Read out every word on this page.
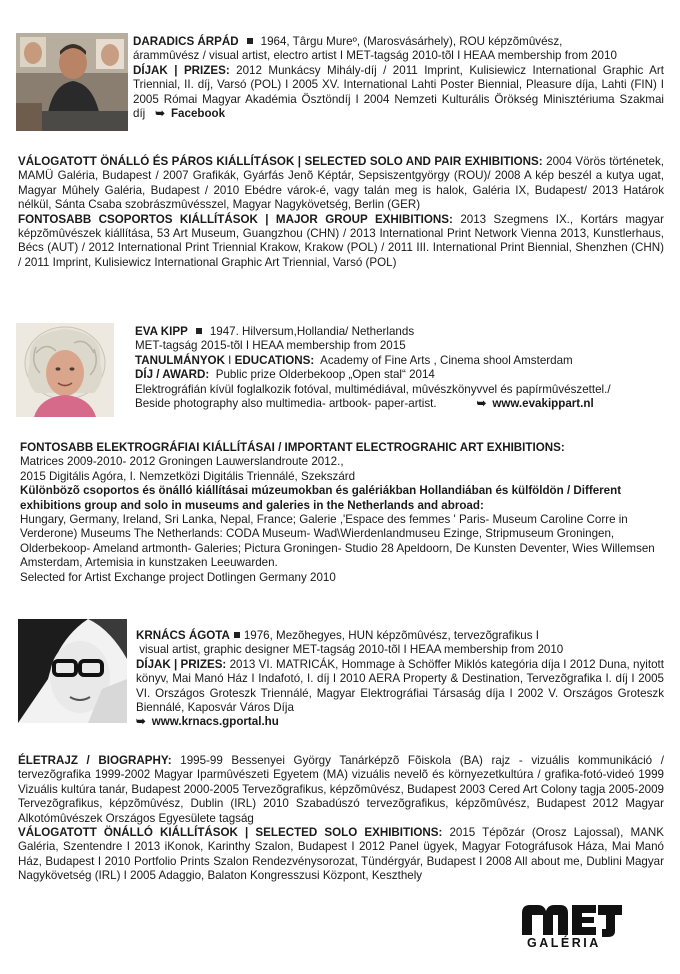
DARADICS ÁRPÁD 1964, Târgu Mureº, (Marosvásárhely), ROU képzõmûvész,
árammûvész / visual artist, electro artist I MET-tagság 2010-tõl I HEAA membership from 2010
DÍJAK | PRIZES: 2012 Munkácsy Mihály-díj / 2011 Imprint, Kulisiewicz International Graphic Art Triennial, II. díj, Varsó (POL) I 2005 XV. International Lahti Poster Biennial, Pleasure díja, Lahti (FIN) I 2005 Római Magyar Akadémia Ösztöndíj I 2004 Nemzeti Kulturális Örökség Minisztériuma Szakmai díj ➥ Facebook

VÁLOGATOTT ÖNÁLLÓ ÉS PÁROS KIÁLLÍTÁSOK | SELECTED SOLO AND PAIR EXHIBITIONS: 2004 Vörös történetek, MAMÜ Galéria, Budapest / 2007 Grafikák, Gyárfás Jenõ Képtár, Sepsiszentgyörgy (ROU)/ 2008 A kép beszél a kutya ugat, Magyar Mûhely Galéria, Budapest / 2010 Ebédre várok-é, vagy talán meg is halok, Galéria IX, Budapest/ 2013 Határok nélkül, Sánta Csaba szobrászmûvésszel, Magyar Nagykövetség, Berlin (GER)
FONTOSABB CSOPORTOS KIÁLLÍTÁSOK | MAJOR GROUP EXHIBITIONS: 2013 Szegmens IX., Kortárs magyar képzõmûvészek kiállítása, 53 Art Museum, Guangzhou (CHN) / 2013 International Print Network Vienna 2013, Kunstlerhaus, Bécs (AUT) / 2012 International Print Triennial Krakow, Krakow (POL) / 2011 III. International Print Biennial, Shenzhen (CHN) / 2011 Imprint, Kulisiewicz International Graphic Art Triennial, Varsó (POL)

EVA KIPP 1947. Hilversum,Hollandia/ Netherlands
MET-tagság 2015-tõl I HEAA membership from 2015
TANULMÁNYOK I EDUCATIONS: Academy of Fine Arts , Cinema shool Amsterdam
DÍJ / AWARD: Public prize Olderbekoop „Open stal“ 2014
Elektrográfián kívül foglalkozik fotóval, multimédiával, mûvészkönyvvel és papírmûvészettel./
Beside photography also multimedia- artbook- paper-artist.	➥ www.evakippart.nl

FONTOSABB ELEKTROGRÁFIAI KIÁLLÍTÁSAI / IMPORTANT ELECTROGRAHIC ART EXHIBITIONS:
Matrices 2009-2010- 2012 Groningen Lauwerslandroute 2012.,
2015 Digitális Agóra, I. Nemzetközi Digitális Triennálé, Szekszárd
Különbözõ csoportos és önálló kiállításai múzeumokban és galériákban Hollandiában és külföldön / Different exhibitions group and solo in museums and galeries in the Netherlands and abroad:
Hungary, Germany, Ireland, Sri Lanka, Nepal, France; Galerie ,'Espace des femmes ' Paris- Museum Caroline Corre in Verderone) Museums The Netherlands: CODA Museum- Wad\Wierdenlandmuseu Ezinge, Stripmuseum Groningen, Olderbekoop- Ameland artmonth- Galeries; Pictura Groningen- Studio 28 Apeldoorn, De Kunsten Deventer, Wies Willemsen Amsterdam, Artemisia in kunstzaken Leeuwarden.
Selected for Artist Exchange project Dotlingen Germany 2010

KRNÁCS ÁGOTA 1976, Mezõhegyes, HUN képzõmûvész, tervezõgrafikus I
visual artist, graphic designer MET-tagság 2010-tõl I HEAA membership from 2010
DÍJAK | PRIZES: 2013 VI. MATRICÁK, Hommage à Schöffer Miklós kategória díja I 2012 Duna, nyitott könyv, Mai Manó Ház I Indafotó, I. díj I 2010 AERA Property & Destination, Tervezõgrafika I. díj I 2005 VI. Országos Groteszk Triennálé, Magyar Elektrográfiai Társaság díja I 2002 V. Országos Groteszk Biennálé, Kaposvár Város Díja
➥ www.krnacs.gportal.hu

ÉLETRAJZ / BIOGRAPHY: 1995-99 Bessenyei György Tanárképzõ Fõiskola (BA) rajz - vizuális kommunikáció / tervezõgrafika 1999-2002 Magyar Iparmûvészeti Egyetem (MA) vizuális nevelõ és környezetkultúra / grafika-fotó-videó 1999 Vizuális kultúra tanár, Budapest 2000-2005 Tervezõgrafikus, képzõmûvész, Budapest 2003 Cered Art Colony tagja 2005-2009 Tervezõgrafikus, képzõmûvész, Dublin (IRL) 2010 Szabadúszó tervezõgrafikus, képzõmûvész, Budapest 2012 Magyar Alkotómûvészek Országos Egyesülete tagság
VÁLOGATOTT ÖNÁLLÓ KIÁLLÍTÁSOK | SELECTED SOLO EXHIBITIONS: 2015 Tépõzár (Orosz Lajossal), MANK Galéria, Szentendre I 2013 iKonok, Karinthy Szalon, Budapest I 2012 Panel ügyek, Magyar Fotográfusok Háza, Mai Manó Ház, Budapest I 2010 Portfolio Prints Szalon Rendezvénysorozat, Tündérgyár, Budapest I 2008 All about me, Dublini Magyar Nagykövetség (IRL) I 2005 Adaggio, Balaton Kongresszusi Központ, Keszthely

GALÉRIA
